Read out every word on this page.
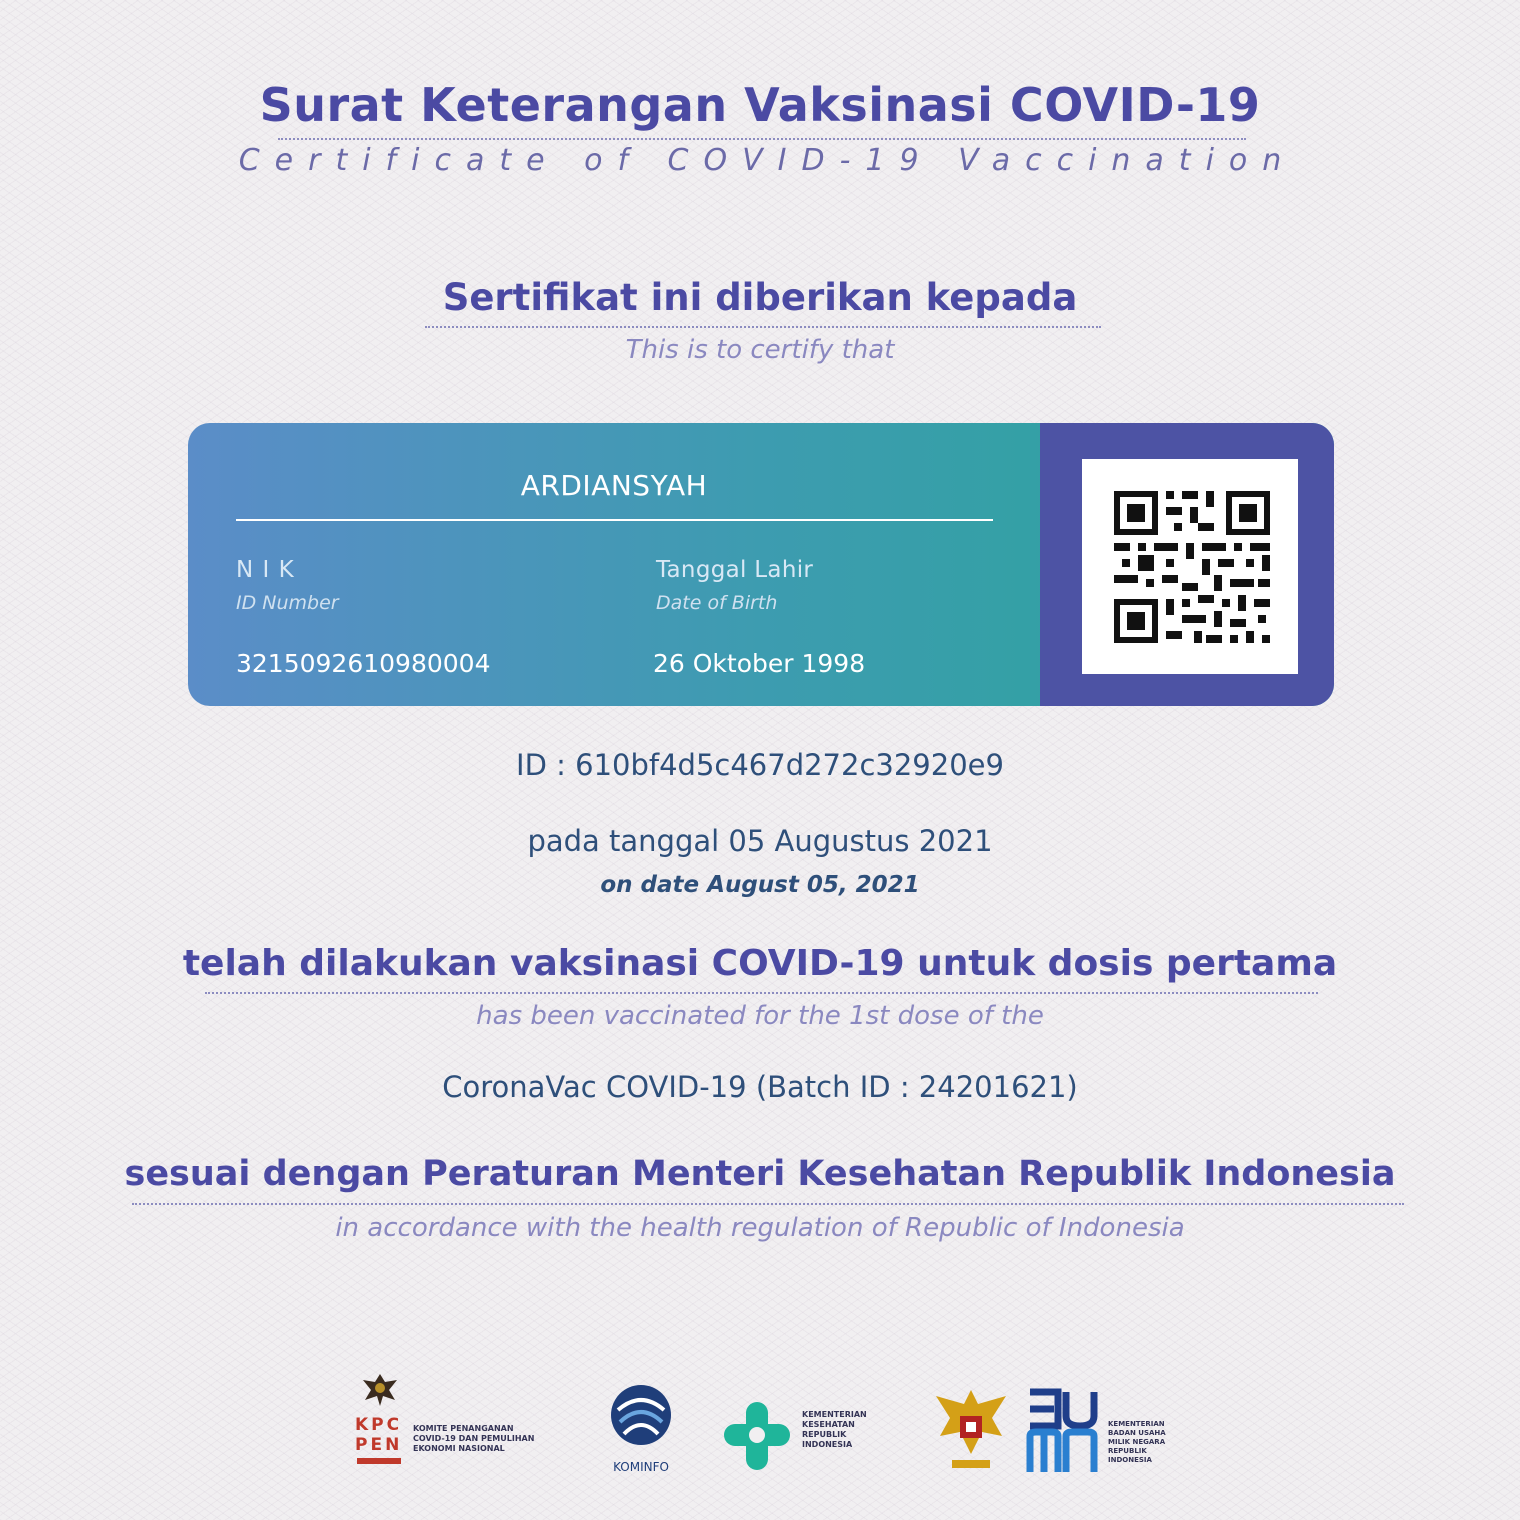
Surat Keterangan Vaksinasi COVID-19
Certificate of COVID-19 Vaccination
Sertifikat ini diberikan kepada
This is to certify that
ARDIANSYAH
N I K
ID Number
3215092610980004
Tanggal Lahir
Date of Birth
26 Oktober 1998
ID : 610bf4d5c467d272c32920e9
pada tanggal 05 Augustus 2021
on date August 05, 2021
telah dilakukan vaksinasi COVID-19 untuk dosis pertama
has been vaccinated for the 1st dose of the
CoronaVac COVID-19 (Batch ID : 24201621)
sesuai dengan Peraturan Menteri Kesehatan Republik Indonesia
in accordance with the health regulation of Republic of Indonesia
KPC
PEN
KOMITE PENANGANAN
COVID-19 DAN PEMULIHAN
EKONOMI NASIONAL
KOMINFO
KEMENTERIAN
KESEHATAN
REPUBLIK
INDONESIA
KEMENTERIAN
BADAN USAHA
MILIK NEGARA
REPUBLIK
INDONESIA
